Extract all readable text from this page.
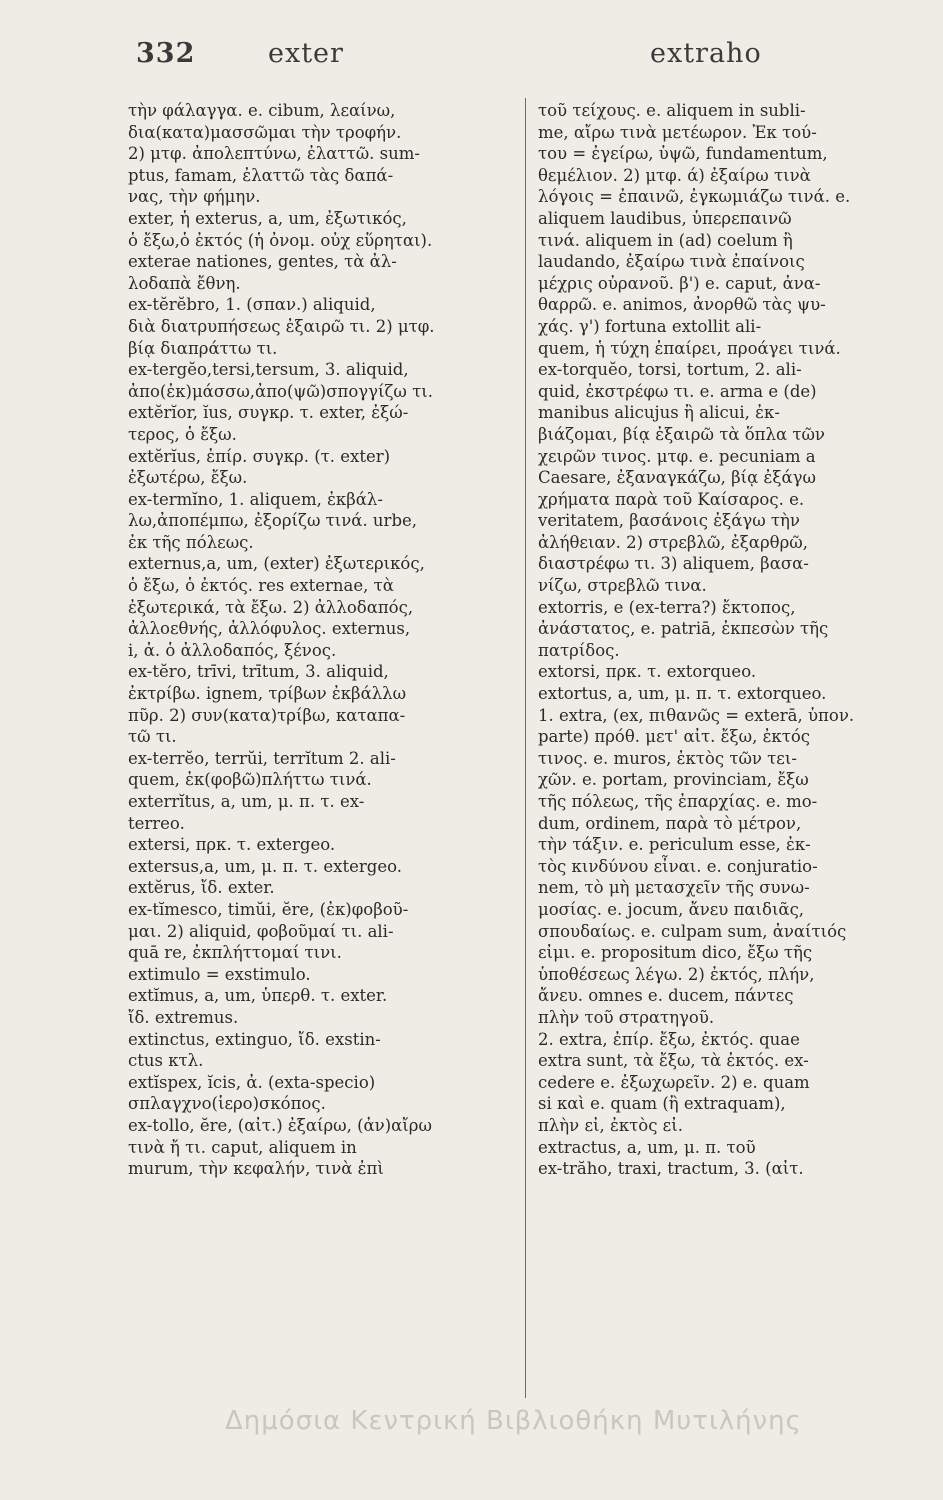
332	exter	extraho
τὴν φάλαγγα. e. cibum, λεαίνω,
δια(κατα)μασσῶμαι τὴν τροφήν.
2) μτφ. ἀπολεπτύνω, ἐλαττῶ. sum-
ptus, famam, ἐλαττῶ τὰς δαπά-
νας, τὴν φήμην.
exter, ἡ exterus, a, um, ἐξωτικός,
ὁ ἔξω,ὁ ἐκτός (ἡ ὀνομ. οὐχ εὕρηται).
exterae nationes, gentes, τὰ ἀλ-
λοδαπὰ ἔθνη.
ex-tĕrĕbro, 1. (σπαν.) aliquid,
διὰ διατρυπήσεως ἐξαιρῶ τι. 2) μτφ.
βίᾳ διαπράττω τι.
ex-tergĕo,tersi,tersum, 3. aliquid,
ἀπο(ἐκ)μάσσω,ἀπο(ψῶ)σπογγίζω τι.
extĕrĭor, ĭus, συγκρ. τ. exter, ἐξώ-
τερος, ὁ ἔξω.
extĕrĭus, ἐπίρ. συγκρ. (τ. exter)
ἐξωτέρω, ἔξω.
ex-termĭno, 1. aliquem, ἐκβάλ-
λω,ἀποπέμπω, ἐξορίζω τινά. urbe,
ἐκ τῆς πόλεως.
externus,a, um, (exter) ἐξωτερικός,
ὁ ἔξω, ὁ ἐκτός. res externae, τὰ
ἐξωτερικά, τὰ ἔξω. 2) ἀλλοδαπός,
ἀλλοεθνής, ἀλλόφυλος. externus,
i, ἀ. ὁ ἀλλοδαπός, ξένος.
ex-tĕro, trīvi, trītum, 3. aliquid,
ἐκτρίβω. ignem, τρίβων ἐκβάλλω
πῦρ. 2) συν(κατα)τρίβω, καταπα-
τῶ τι.
ex-terrĕo, terrŭi, terrĭtum 2. ali-
quem, ἐκ(φοβῶ)πλήττω τινά.
exterrĭtus, a, um, μ. π. τ. ex-
terreo.
extersi, πρκ. τ. extergeo.
extersus,a, um, μ. π. τ. extergeo.
extĕrus, ἴδ. exter.
ex-tĭmesco, timŭi, ĕre, (ἐκ)φοβοῦ-
μαι. 2) aliquid, φοβοῦμαί τι. ali-
quā re, ἐκπλήττομαί τινι.
extimulo = exstimulo.
extĭmus, a, um, ὑπερθ. τ. exter.
ἴδ. extremus.
extinctus, extinguo, ἴδ. exstin-
ctus κτλ.
extĭspex, ĭcis, ἀ. (exta-specio)
σπλαγχνο(ἱερο)σκόπος.
ex-tollo, ĕre, (αἰτ.) ἐξαίρω, (ἀν)αἴρω
τινὰ ἤ τι. caput, aliquem in
murum, τὴν κεφαλήν, τινὰ ἐπὶ
τοῦ τείχους. e. aliquem in subli-
me, αἴρω τινὰ μετέωρον. Ἐκ τού-
του = ἐγείρω, ὑψῶ, fundamentum,
θεμέλιον. 2) μτφ. ά) ἐξαίρω τινὰ
λόγοις = ἐπαινῶ, ἐγκωμιάζω τινά. e.
aliquem laudibus, ὑπερεπαινῶ
τινά. aliquem in (ad) coelum ἢ
laudando, ἐξαίρω τινὰ ἐπαίνοις
μέχρις οὐρανοῦ. β') e. caput, ἀνα-
θαρρῶ. e. animos, ἀνορθῶ τὰς ψυ-
χάς. γ') fortuna extollit ali-
quem, ἡ τύχη ἐπαίρει, προάγει τινά.
ex-torquĕo, torsi, tortum, 2. ali-
quid, ἐκστρέφω τι. e. arma e (de)
manibus alicujus ἢ alicui, ἐκ-
βιάζομαι, βίᾳ ἐξαιρῶ τὰ ὅπλα τῶν
χειρῶν τινος. μτφ. e. pecuniam a
Caesare, ἐξαναγκάζω, βίᾳ ἐξάγω
χρήματα παρὰ τοῦ Καίσαρος. e.
veritatem, βασάνοις ἐξάγω τὴν
ἀλήθειαν. 2) στρεβλῶ, ἐξαρθρῶ,
διαστρέφω τι. 3) aliquem, βασα-
νίζω, στρεβλῶ τινα.
extorris, e (ex-terra?) ἔκτοπος,
ἀνάστατος, e. patriā, ἐκπεσὼν τῆς
πατρίδος.
extorsi, πρκ. τ. extorqueo.
extortus, a, um, μ. π. τ. extorqueo.
1. extra, (ex, πιθανῶς = exterā, ὑπον.
parte) πρόθ. μετ' αἰτ. ἔξω, ἐκτός
τινος. e. muros, ἐκτὸς τῶν τει-
χῶν. e. portam, provinciam, ἔξω
τῆς πόλεως, τῆς ἐπαρχίας. e. mo-
dum, ordinem, παρὰ τὸ μέτρον,
τὴν τάξιν. e. periculum esse, ἐκ-
τὸς κινδύνου εἶναι. e. conjuratio-
nem, τὸ μὴ μετασχεῖν τῆς συνω-
μοσίας. e. jocum, ἄνευ παιδιᾶς,
σπουδαίως. e. culpam sum, ἀναίτιός
εἰμι. e. propositum dico, ἔξω τῆς
ὑποθέσεως λέγω. 2) ἐκτός, πλήν,
ἄνευ. omnes e. ducem, πάντες
πλὴν τοῦ στρατηγοῦ.
2. extra, ἐπίρ. ἔξω, ἐκτός. quae
extra sunt, τὰ ἔξω, τὰ ἐκτός. ex-
cedere e. ἐξωχωρεῖν. 2) e. quam
si καὶ e. quam (ἢ extraquam),
πλὴν εἰ, ἐκτὸς εἰ.
extractus, a, um, μ. π. τοῦ
ex-trăho, traxi, tractum, 3. (αἰτ.
Δημόσια Κεντρική Βιβλιοθήκη Μυτιλήνης
